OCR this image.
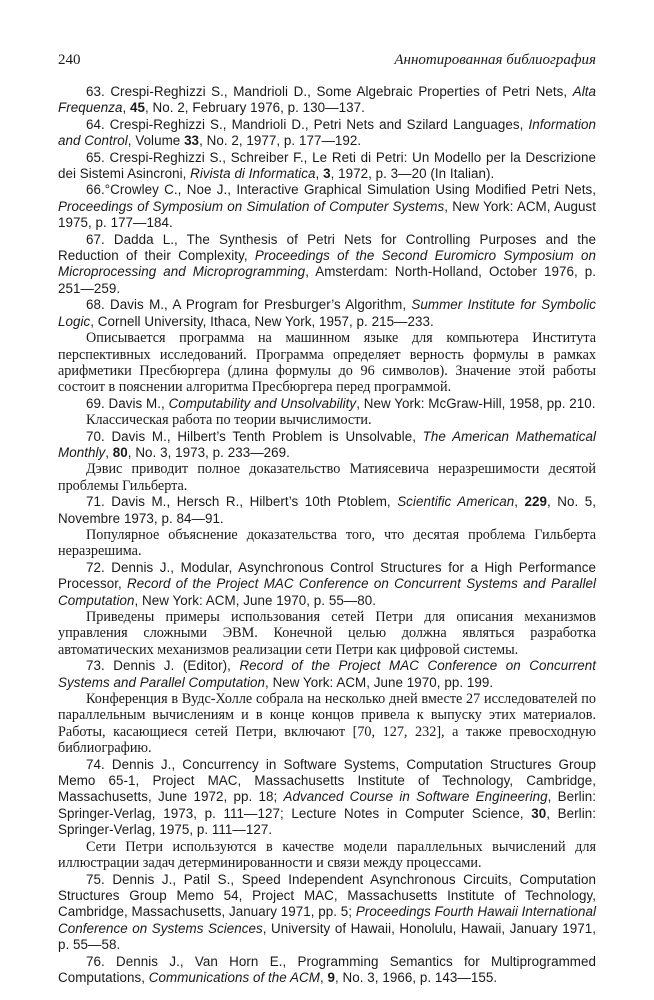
240	Аннотированная библиография

63. Crespi-Reghizzi S., Mandrioli D., Some Algebraic Properties of Petri Nets, Alta Frequenza, 45, No. 2, February 1976, p. 130—137.

64. Crespi-Reghizzi S., Mandrioli D., Petri Nets and Szilard Languages, Information and Control, Volume 33, No. 2, 1977, p. 177—192.

65. Crespi-Reghizzi S., Schreiber F., Le Reti di Petri: Un Modello per la Descrizione dei Sistemi Asincroni, Rivista di Informatica, 3, 1972, p. 3—20 (In Italian).

66.°Crowley C., Noe J., Interactive Graphical Simulation Using Modified Petri Nets, Proceedings of Symposium on Simulation of Computer Systems, New York: ACM, August 1975, p. 177—184.

67. Dadda L., The Synthesis of Petri Nets for Controlling Purposes and the Reduction of their Complexity, Proceedings of the Second Euromicro Symposium on Microprocessing and Microprogramming, Amsterdam: North-Holland, October 1976, p. 251—259.

68. Davis M., A Program for Presburger’s Algorithm, Summer Institute for Symbolic Logic, Cornell University, Ithaca, New York, 1957, p. 215—233.

Описывается программа на машинном языке для компьютера Института перспективных исследований. Программа определяет верность формулы в рамках арифметики Пресбюргера (длина формулы до 96 символов). Значение этой работы состоит в пояснении алгоритма Пресбюргера перед программой.

69. Davis M., Computability and Unsolvability, New York: McGraw-Hill, 1958, pp. 210.

Классическая работа по теории вычислимости.

70. Davis M., Hilbert’s Tenth Problem is Unsolvable, The American Mathematical Monthly, 80, No. 3, 1973, p. 233—269.

Дэвис приводит полное доказательство Матиясевича неразрешимости десятой проблемы Гильберта.

71. Davis M., Hersch R., Hilbert’s 10th Ptoblem, Scientific American, 229, No. 5, Novembre 1973, p. 84—91.

Популярное объяснение доказательства того, что десятая проблема Гильберта неразрешима.

72. Dennis J., Modular, Asynchronous Control Structures for a High Performance Processor, Record of the Project MAC Conference on Concurrent Systems and Parallel Computation, New York: ACM, June 1970, p. 55—80.

Приведены примеры использования сетей Петри для описания механизмов управления сложными ЭВМ. Конечной целью должна являться разработка автоматических механизмов реализации сети Петри как цифровой системы.

73. Dennis J. (Editor), Record of the Project MAC Conference on Concurrent Systems and Parallel Computation, New York: ACM, June 1970, pp. 199.

Конференция в Вудс-Холле собрала на несколько дней вместе 27 исследователей по параллельным вычислениям и в конце концов привела к выпуску этих материалов. Работы, касающиеся сетей Петри, включают [70, 127, 232], а также превосходную библиографию.

74. Dennis J., Concurrency in Software Systems, Computation Structures Group Memo 65-1, Project MAC, Massachusetts Institute of Technology, Cambridge, Massachusetts, June 1972, pp. 18; Advanced Course in Software Engineering, Berlin: Springer-Verlag, 1973, p. 111—127; Lecture Notes in Computer Science, 30, Berlin: Springer-Verlag, 1975, p. 111—127.

Сети Петри используются в качестве модели параллельных вычислений для иллюстрации задач детерминированности и связи между процессами.

75. Dennis J., Patil S., Speed Independent Asynchronous Circuits, Computation Structures Group Memo 54, Project MAC, Massachusetts Institute of Technology, Cambridge, Massachusetts, January 1971, pp. 5; Proceedings Fourth Hawaii International Conference on Systems Sciences, University of Hawaii, Honolulu, Hawaii, January 1971, p. 55—58.

76. Dennis J., Van Horn E., Programming Semantics for Multiprogrammed Computations, Communications of the ACM, 9, No. 3, 1966, p. 143—155.
